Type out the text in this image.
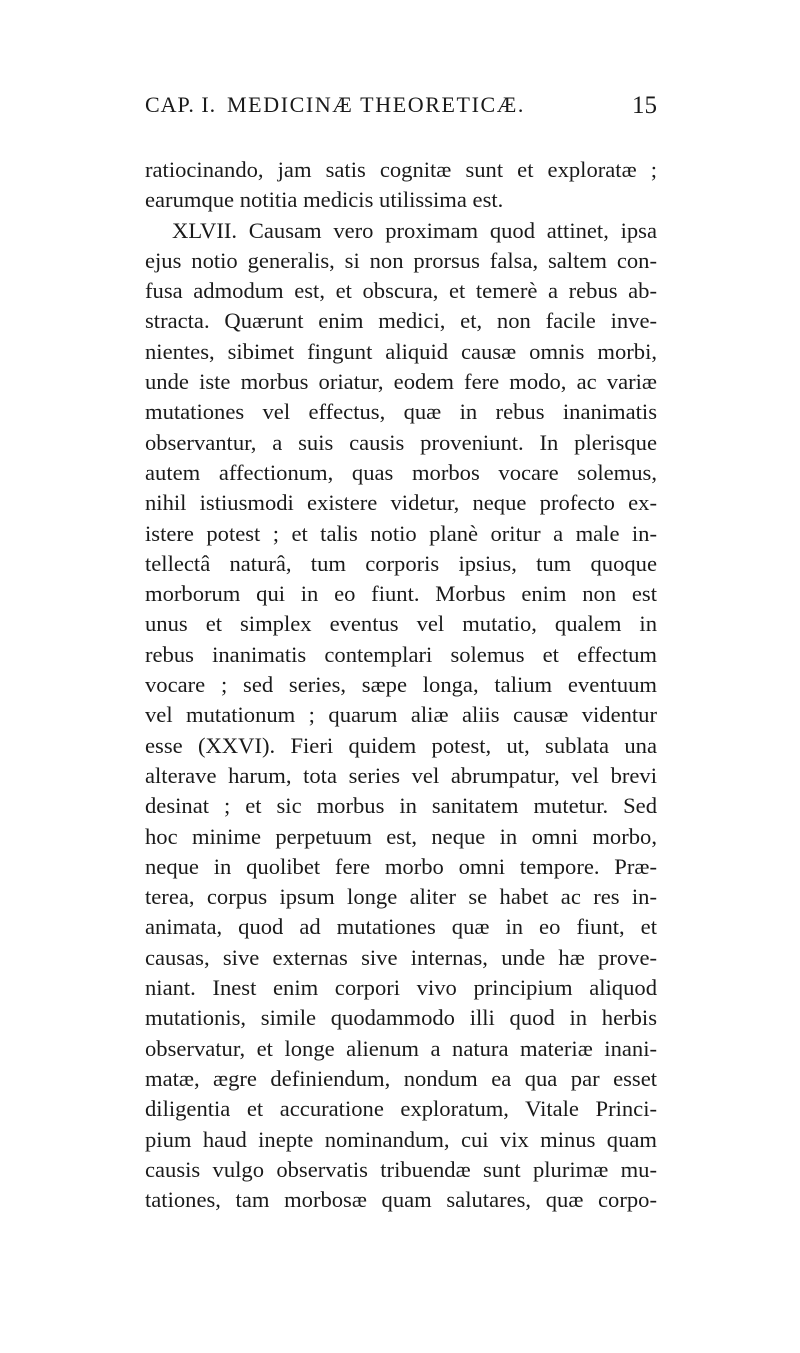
CAP. I. MEDICINÆ THEORETICÆ.	15
ratiocinando, jam satis cognitæ sunt et exploratæ ;
earumque notitia medicis utilissima est.
XLVII. Causam vero proximam quod attinet, ipsa
ejus notio generalis, si non prorsus falsa, saltem con-
fusa admodum est, et obscura, et temerè a rebus ab-
stracta. Quærunt enim medici, et, non facile inve-
nientes, sibimet fingunt aliquid causæ omnis morbi,
unde iste morbus oriatur, eodem fere modo, ac variæ
mutationes vel effectus, quæ in rebus inanimatis
observantur, a suis causis proveniunt. In plerisque
autem affectionum, quas morbos vocare solemus,
nihil istiusmodi existere videtur, neque profecto ex-
istere potest ; et talis notio planè oritur a male in-
tellectâ naturâ, tum corporis ipsius, tum quoque
morborum qui in eo fiunt. Morbus enim non est
unus et simplex eventus vel mutatio, qualem in
rebus inanimatis contemplari solemus et effectum
vocare ; sed series, sæpe longa, talium eventuum
vel mutationum ; quarum aliæ aliis causæ videntur
esse (XXVI). Fieri quidem potest, ut, sublata una
alterave harum, tota series vel abrumpatur, vel brevi
desinat ; et sic morbus in sanitatem mutetur. Sed
hoc minime perpetuum est, neque in omni morbo,
neque in quolibet fere morbo omni tempore. Præ-
terea, corpus ipsum longe aliter se habet ac res in-
animata, quod ad mutationes quæ in eo fiunt, et
causas, sive externas sive internas, unde hæ prove-
niant. Inest enim corpori vivo principium aliquod
mutationis, simile quodammodo illi quod in herbis
observatur, et longe alienum a natura materiæ inani-
matæ, ægre definiendum, nondum ea qua par esset
diligentia et accuratione exploratum, Vitale Princi-
pium haud inepte nominandum, cui vix minus quam
causis vulgo observatis tribuendæ sunt plurimæ mu-
tationes, tam morbosæ quam salutares, quæ corpo-
